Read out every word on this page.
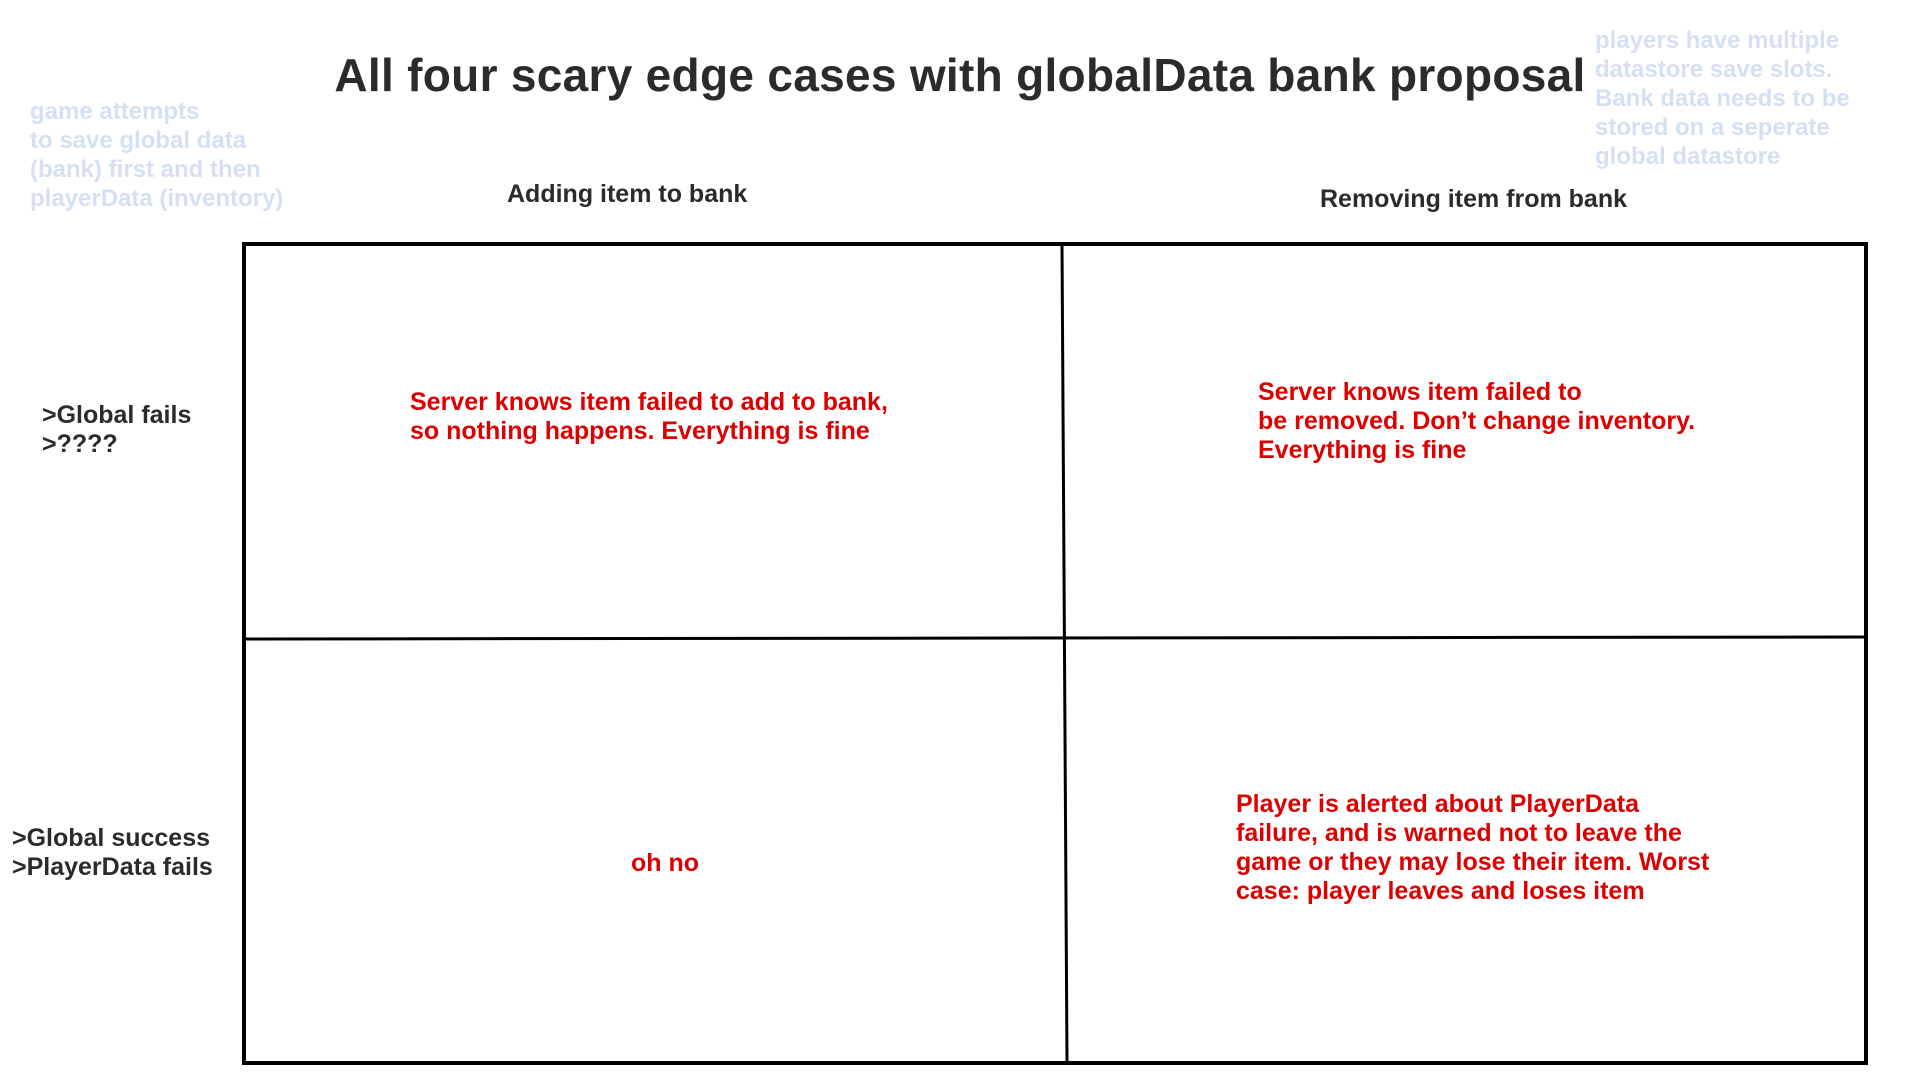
All four scary edge cases with globalData bank proposal
game attempts
to save global data
(bank) first and then
playerData (inventory)
players have multiple
datastore save slots.
Bank data needs to be
stored on a seperate
global datastore
Adding item to bank	Removing item from bank
>Global fails
>????
>Global success
>PlayerData fails
Server knows item failed to add to bank,
so nothing happens. Everything is fine
Server knows item failed to
be removed. Don’t change inventory.
Everything is fine
oh no
Player is alerted about PlayerData
failure, and is warned not to leave the
game or they may lose their item. Worst
case: player leaves and loses item
